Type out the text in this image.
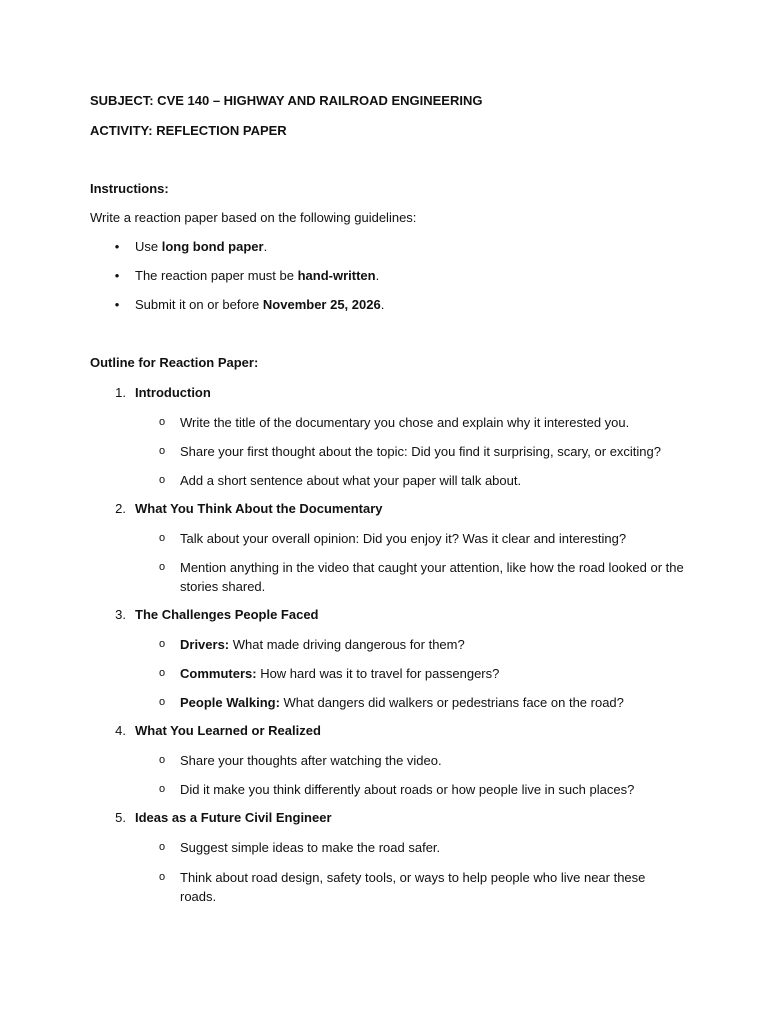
SUBJECT: CVE 140 – HIGHWAY AND RAILROAD ENGINEERING
ACTIVITY: REFLECTION PAPER
Instructions:
Write a reaction paper based on the following guidelines:
• Use long bond paper.
• The reaction paper must be hand-written.
• Submit it on or before November 25, 2026.
Outline for Reaction Paper:
1. Introduction
o Write the title of the documentary you chose and explain why it interested you.
o Share your first thought about the topic: Did you find it surprising, scary, or exciting?
o Add a short sentence about what your paper will talk about.
2. What You Think About the Documentary
o Talk about your overall opinion: Did you enjoy it? Was it clear and interesting?
o Mention anything in the video that caught your attention, like how the road looked or the stories shared.
3. The Challenges People Faced
o Drivers: What made driving dangerous for them?
o Commuters: How hard was it to travel for passengers?
o People Walking: What dangers did walkers or pedestrians face on the road?
4. What You Learned or Realized
o Share your thoughts after watching the video.
o Did it make you think differently about roads or how people live in such places?
5. Ideas as a Future Civil Engineer
o Suggest simple ideas to make the road safer.
o Think about road design, safety tools, or ways to help people who live near these roads.
